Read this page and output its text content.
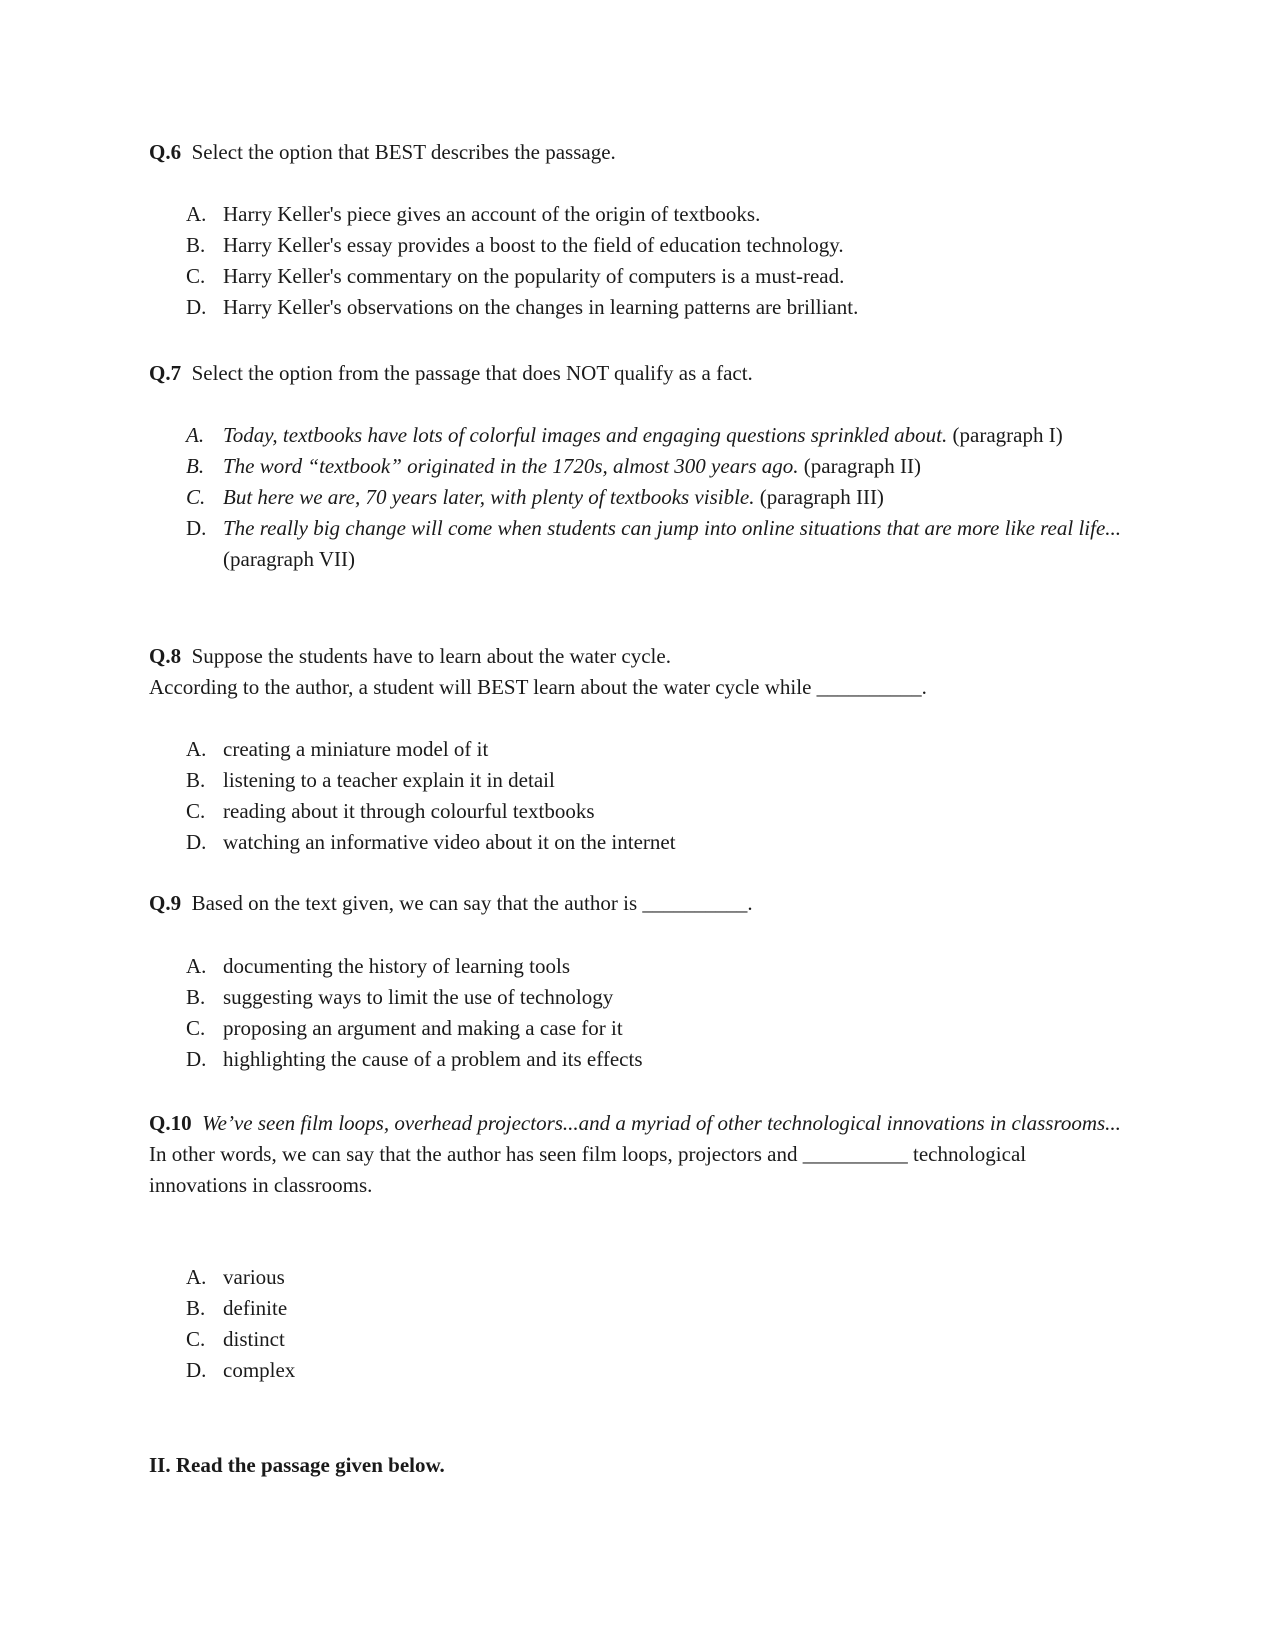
Q.6 Select the option that BEST describes the passage.
A. Harry Keller's piece gives an account of the origin of textbooks.
B. Harry Keller's essay provides a boost to the field of education technology.
C. Harry Keller's commentary on the popularity of computers is a must-read.
D. Harry Keller's observations on the changes in learning patterns are brilliant.
Q.7 Select the option from the passage that does NOT qualify as a fact.
A. Today, textbooks have lots of colorful images and engaging questions sprinkled about. (paragraph I)
B. The word “textbook” originated in the 1720s, almost 300 years ago. (paragraph II)
C. But here we are, 70 years later, with plenty of textbooks visible. (paragraph III)
D. The really big change will come when students can jump into online situations that are more like real life... (paragraph VII)
Q.8 Suppose the students have to learn about the water cycle.
According to the author, a student will BEST learn about the water cycle while __________.
A. creating a miniature model of it
B. listening to a teacher explain it in detail
C. reading about it through colourful textbooks
D. watching an informative video about it on the internet
Q.9 Based on the text given, we can say that the author is __________.
A. documenting the history of learning tools
B. suggesting ways to limit the use of technology
C. proposing an argument and making a case for it
D. highlighting the cause of a problem and its effects
Q.10 We’ve seen film loops, overhead projectors...and a myriad of other technological innovations in classrooms...
In other words, we can say that the author has seen film loops, projectors and __________ technological innovations in classrooms.
A. various
B. definite
C. distinct
D. complex
II. Read the passage given below.
